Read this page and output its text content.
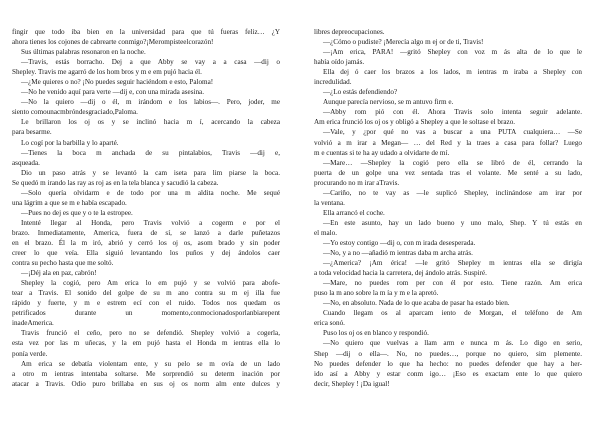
fingir que todo iba bien en la universidad para que tú fueras feliz… ¿Y
ahora tienes los cojones de cabrearte conmigo?¡Merompisteelcorazón!
Sus últimas palabras resonaron en la noche.
—Travis, estás borracho. Dej a que Abby se vay a a casa —dij o
Shepley. Travis me agarró de los hom bros y m e em pujó hacia él.
—¿Me quieres o no? ¡No puedes seguir haciéndom e esto, Paloma!
—No he venido aquí para verte —dij e, con una mirada asesina.
—No la quiero —dij o él, m irándom e los labios—. Pero, joder, me
siento comounacmbróndesgraciado,Paloma.
Le brillaron los oj os y se inclinó hacia m í, acercando la cabeza
para besarme.
Lo cogí por la barbilla y lo aparté.
—Tienes la boca m anchada de su pintalabios, Travis —dij e,
asqueada.
Dio un paso atrás y se levantó la cam iseta para lim piarse la boca.
Se quedó m irando las ray as roj as en la tela blanca y sacudió la cabeza.
—Solo quería olvidarm e de todo por una m aldita noche. Me sequé
una lágrim a que se m e había escapado.
—Pues no dej es que y o te la estropee.
Intenté llegar al Honda, pero Travis volvió a cogerm e por el
brazo. Inmediatamente, America, fuera de sí, se lanzó a darle puñetazos
en el brazo. Él la m iró, abrió y cerró los oj os, asom brado y sin poder
creer lo que veía. Ella siguió levantando los puños y dej ándolos caer
contra su pecho hasta que me soltó.
—¡Déj ala en paz, cabrón!
Shepley la cogió, pero Am erica lo em pujó y se volvió para abofe-
tear a Travis. El sonido del golpe de su m ano contra su m ej illa fue
rápido y fuerte, y m e estrem ecí con el ruido. Todos nos quedam os
petrificados durante un momento,conmocionadosporlanbiarepent
inadeAmerica.
Travis frunció el ceño, pero no se defendió. Shepley volvió a cogerla,
esta vez por las m uñecas, y la em pujó hasta el Honda m ientras ella lo
ponía verde.
Am erica se debatía violentam ente, y su pelo se m ovía de un lado
a otro m ientras intentaba soltarse. Me sorprendió su determ inación por
atacar a Travis. Odio puro brillaba en sus oj os norm alm ente dulces y
libres depreocupaciones.
—¿Cómo o pudiste? ¡Merecía algo m ej or de ti, Travis!
—¡Am erica, PARA! —gritó Shepley con voz m ás alta de lo que le
había oído jamás.
Ella dej ó caer los brazos a los lados, m ientras m iraba a Shepley con
incredulidad.
—¿Lo estás defendiendo?
Aunque parecía nervioso, se m antuvo firm e.
—Abby rom pió con él. Ahora Travis solo intenta seguir adelante.
Am erica frunció los oj os y obligó a Shepley a que le soltase el brazo.
—Vale, y ¿por qué no vas a buscar a una PUTA cualquiera… —Se
volvió a m irar a Megan— … del Red y la traes a casa para follar? Luego
m e cuentas si te ha ay udado a olvidarte de mí.
—Mare… —Shepley la cogió pero ella se libró de él, cerrando la
puerta de un golpe una vez sentada tras el volante. Me senté a su lado,
procurando no m irar aTravis.
—Cariño, no te vay as —le suplicó Shepley, inclinándose am irar por
la ventana.
Ella arrancó el coche.
—En este asunto, hay un lado bueno y uno malo, Shep. Y tú estás en
el malo.
—Yo estoy contigo —dij o, con m irada desesperada.
—No, y a no —añadió m ientras daba m archa atrás.
—¿America? ¡Am érica! —le gritó Shepley m ientras ella se dirigía
a toda velocidad hacia la carretera, dej ándolo atrás. Suspiré.
—Mare, no puedes rom per con él por esto. Tiene razón. Am erica
puso la m ano sobre la m ía y m e la apretó.
—No, en absoluto. Nada de lo que acaba de pasar ha estado bien.
Cuando llegam os al aparcam iento de Morgan, el teléfono de Am
erica sonó.
Puso los oj os en blanco y respondió.
—No quiero que vuelvas a llam arm e nunca m ás. Lo digo en serio,
Shep —dij o ella—. No, no puedes…, porque no quiero, sim plemente.
No puedes defender lo que ha hecho: no puedes defender que hay a her-
ido así a Abby y estar conm igo… ¡Eso es exactam ente lo que quiero
decir, Shepley ! ¡Da igual!
